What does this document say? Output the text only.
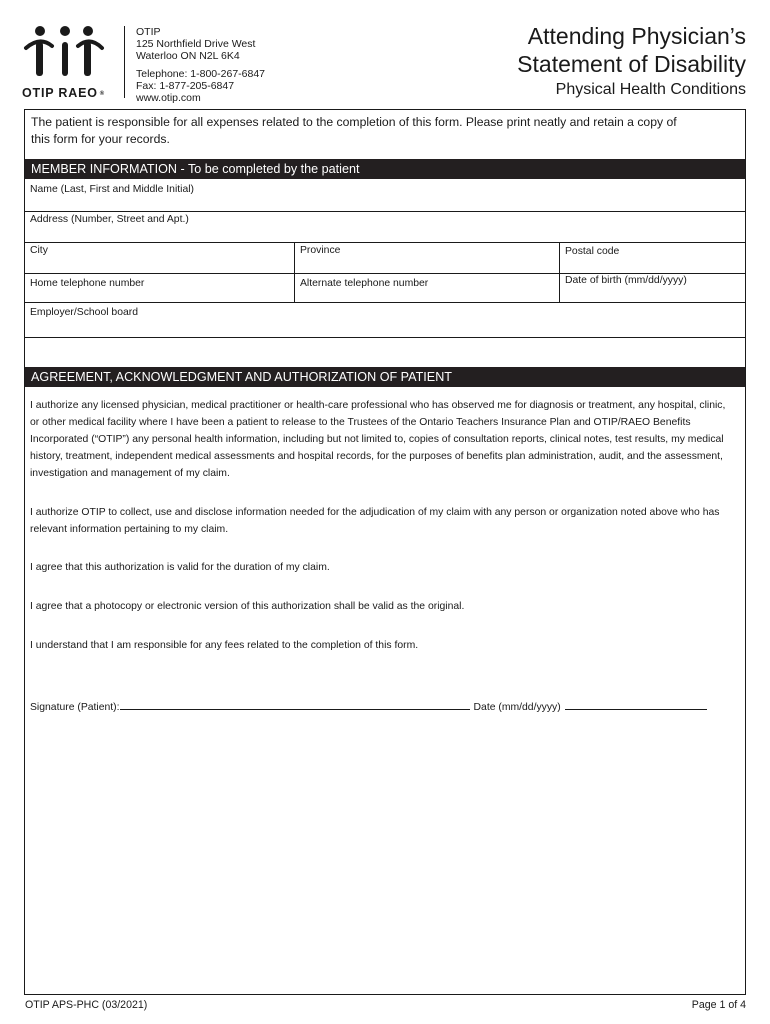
OTIP RAEO ®
OTIP
125 Northfield Drive West
Waterloo ON N2L 6K4
Telephone: 1-800-267-6847
Fax: 1-877-205-6847
www.otip.com
Attending Physician’s
Statement of Disability
Physical Health Conditions
The patient is responsible for all expenses related to the completion of this form. Please print neatly and retain a copy of this form for your records.
MEMBER INFORMATION - To be completed by the patient
Name (Last, First and Middle Initial)
Address (Number, Street and Apt.)
City	Province	Postal code
Home telephone number	Alternate telephone number	Date of birth (mm/dd/yyyy)
Employer/School board
AGREEMENT, ACKNOWLEDGMENT AND AUTHORIZATION OF PATIENT
I authorize any licensed physician, medical practitioner or health-care professional who has observed me for diagnosis or treatment, any hospital, clinic, or other medical facility where I have been a patient to release to the Trustees of the Ontario Teachers Insurance Plan and OTIP/RAEO Benefits Incorporated (“OTIP”) any personal health information, including but not limited to, copies of consultation reports, clinical notes, test results, my medical history, treatment, independent medical assessments and hospital records, for the purposes of benefits plan administration, audit, and the assessment, investigation and management of my claim.
I authorize OTIP to collect, use and disclose information needed for the adjudication of my claim with any person or organization noted above who has relevant information pertaining to my claim.
I agree that this authorization is valid for the duration of my claim.
I agree that a photocopy or electronic version of this authorization shall be valid as the original.
I understand that I am responsible for any fees related to the completion of this form.
Signature (Patient):	Date (mm/dd/yyyy)
OTIP APS-PHC (03/2021)	Page 1 of 4
